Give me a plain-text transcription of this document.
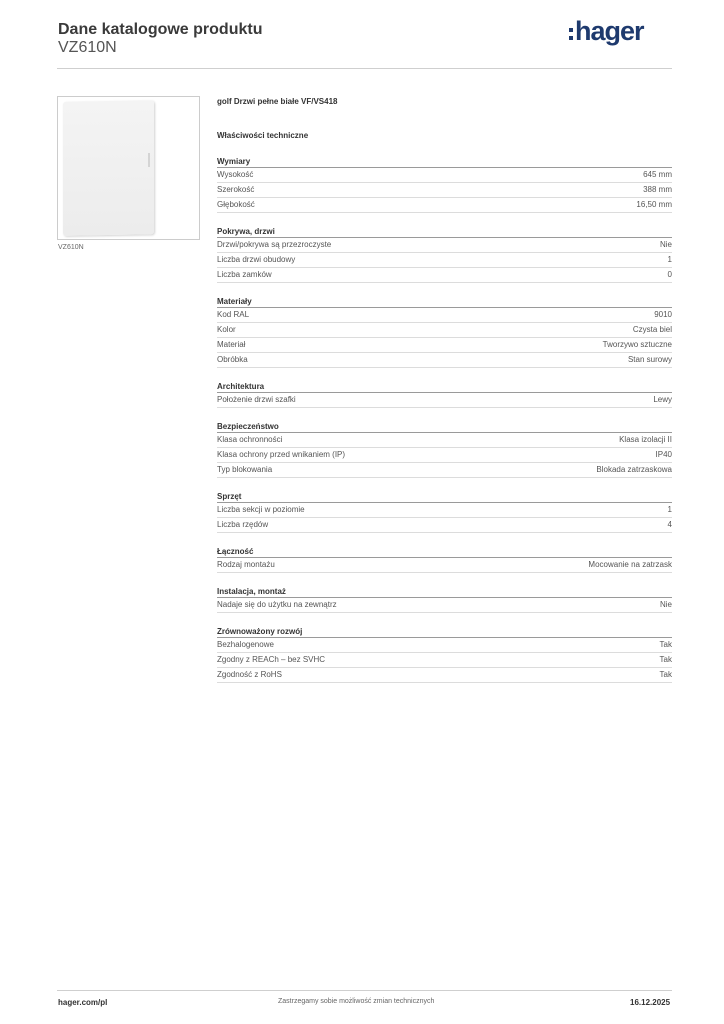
Dane katalogowe produktu
VZ610N
hager
VZ610N
golf Drzwi pełne białe VF/VS418
Właściwości techniczne
Wymiary
Wysokość	645 mm
Szerokość	388 mm
Głębokość	16,50 mm
Pokrywa, drzwi
Drzwi/pokrywa są przezroczyste	Nie
Liczba drzwi obudowy	1
Liczba zamków	0
Materiały
Kod RAL	9010
Kolor	Czysta biel
Materiał	Tworzywo sztuczne
Obróbka	Stan surowy
Architektura
Położenie drzwi szafki	Lewy
Bezpieczeństwo
Klasa ochronności	Klasa izolacji II
Klasa ochrony przed wnikaniem (IP)	IP40
Typ blokowania	Blokada zatrzaskowa
Sprzęt
Liczba sekcji w poziomie	1
Liczba rzędów	4
Łączność
Rodzaj montażu	Mocowanie na zatrzask
Instalacja, montaż
Nadaje się do użytku na zewnątrz	Nie
Zrównoważony rozwój
Bezhalogenowe	Tak
Zgodny z REACh – bez SVHC	Tak
Zgodność z RoHS	Tak
hager.com/pl	Zastrzegamy sobie możliwość zmian technicznych	16.12.2025
